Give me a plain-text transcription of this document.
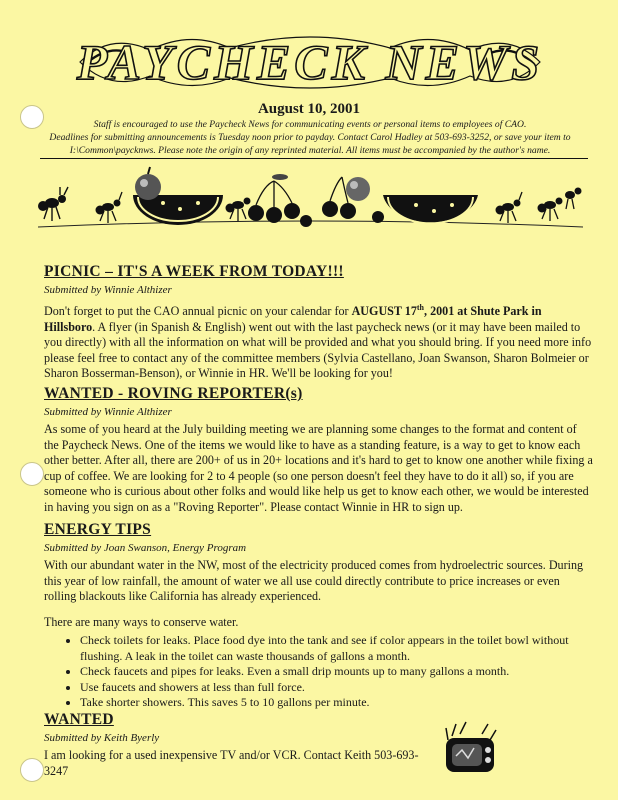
PAYCHECK NEWS
August 10, 2001
Staff is encouraged to use the Paycheck News for communicating events or personal items to employees of CAO.
Deadlines for submitting announcements is Tuesday noon prior to payday. Contact Carol Hadley at 503-693-3252, or save your item to
I:\Common\paycknws. Please note the origin of any reprinted material. All items must be accompanied by the author's name.
PICNIC – IT'S A WEEK FROM TODAY!!!
Submitted by Winnie Althizer

Don't forget to put the CAO annual picnic on your calendar for AUGUST 17th, 2001 at Shute Park in Hillsboro. A flyer (in Spanish & English) went out with the last paycheck news (or it may have been mailed to you directly) with all the information on what will be provided and what you should bring. If you need more info please feel free to contact any of the committee members (Sylvia Castellano, Joan Swanson, Sharon Bolmeier or Sharon Bosserman-Benson), or Winnie in HR. We'll be looking for you!

WANTED - ROVING REPORTER(s)
Submitted by Winnie Althizer

As some of you heard at the July building meeting we are planning some changes to the format and content of the Paycheck News. One of the items we would like to have as a standing feature, is a way to get to know each other better. After all, there are 200+ of us in 20+ locations and it's hard to get to know one another while fixing a cup of coffee. We are looking for 2 to 4 people (so one person doesn't feel they have to do it all) so, if you are someone who is curious about other folks and would like help us get to know each other, we would be interested in having you sign on as a "Roving Reporter". Please contact Winnie in HR to sign up.

ENERGY TIPS
Submitted by Joan Swanson, Energy Program

With our abundant water in the NW, most of the electricity produced comes from hydroelectric sources. During this year of low rainfall, the amount of water we all use could directly contribute to price increases or even rolling blackouts like California has already experienced.

There are many ways to conserve water.

• Check toilets for leaks. Place food dye into the tank and see if color appears in the toilet bowl without flushing. A leak in the toilet can waste thousands of gallons a month.
• Check faucets and pipes for leaks. Even a small drip mounts up to many gallons a month.
• Use faucets and showers at less than full force.
• Take shorter showers. This saves 5 to 10 gallons per minute.
WANTED
Submitted by Keith Byerly

I am looking for a used inexpensive TV and/or VCR. Contact Keith 503-693-3247
